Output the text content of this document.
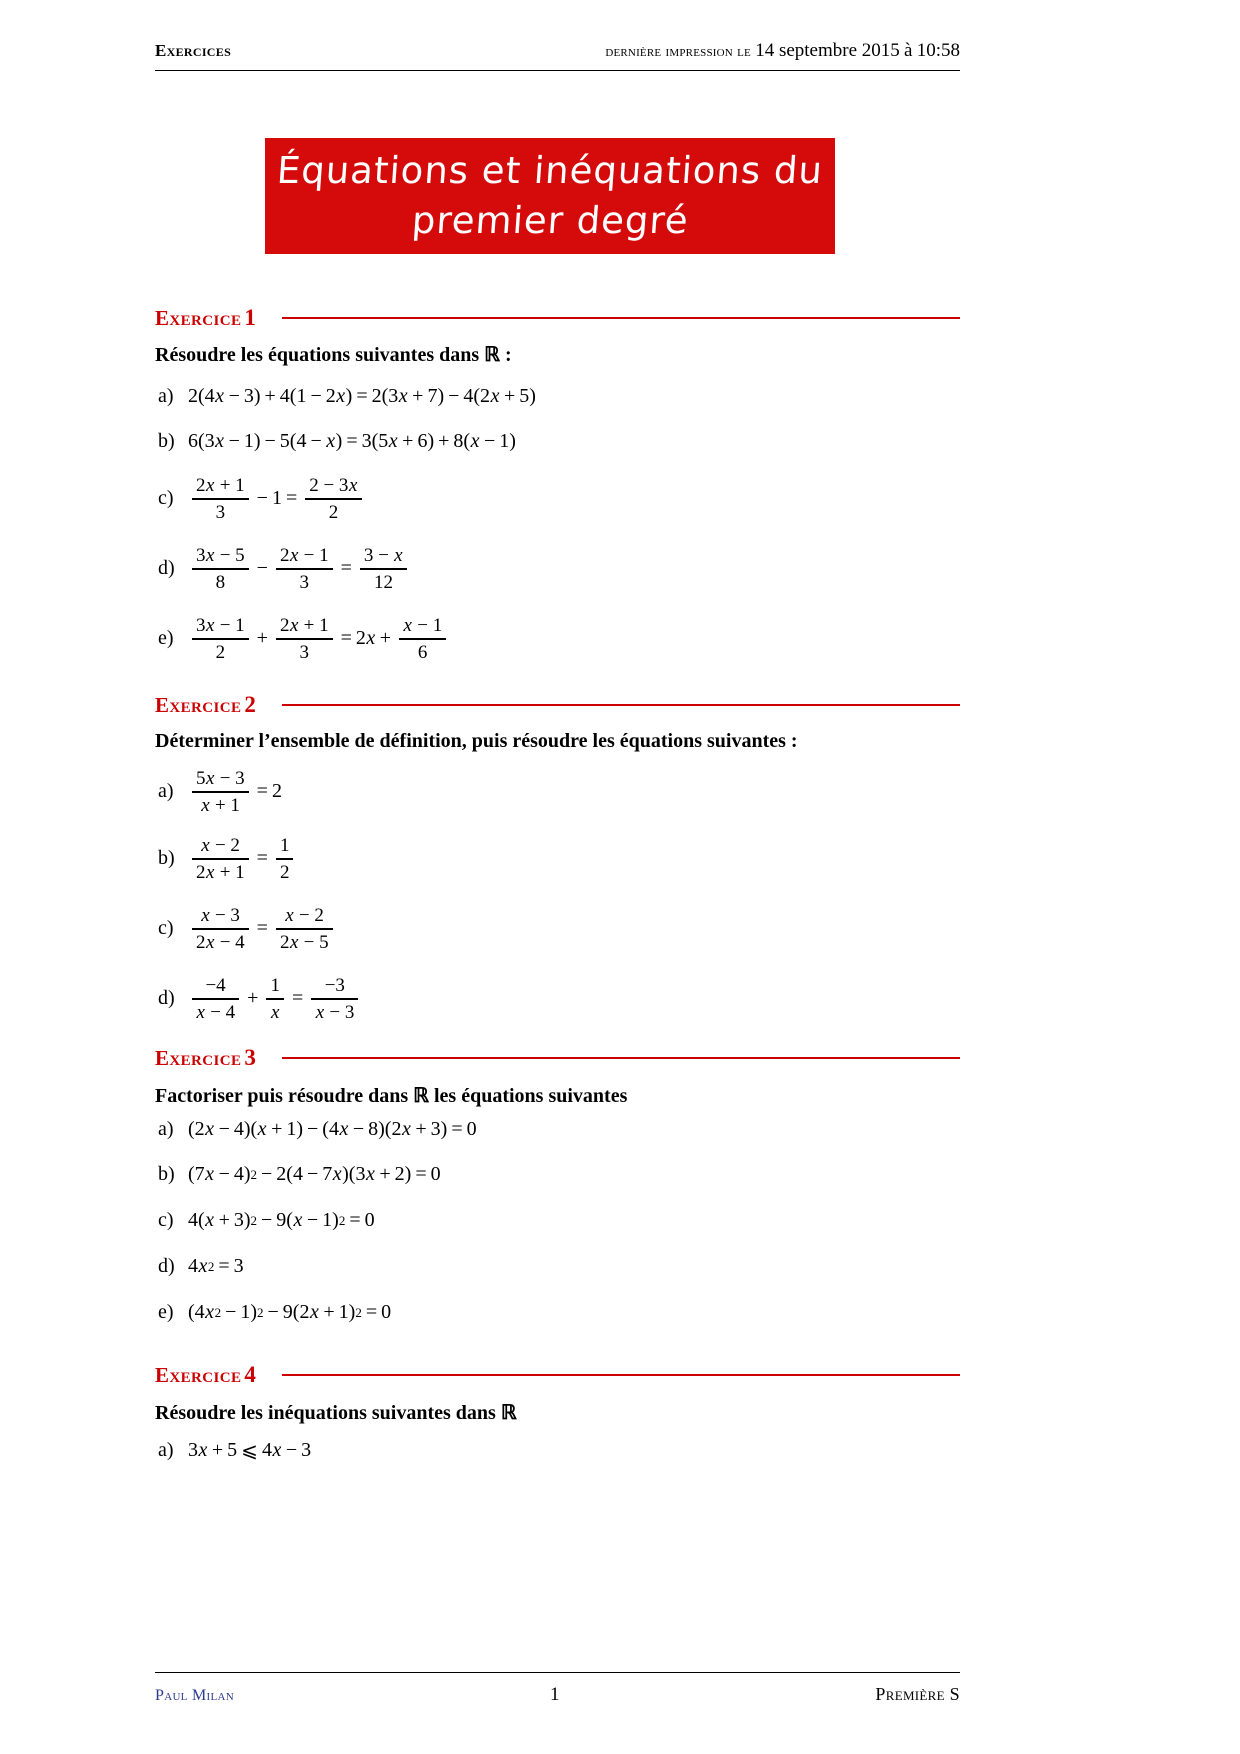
Exercices	dernière impression le 14 septembre 2015 à 10:58
Équations et inéquations du
premier degré
Exercice 1
Résoudre les équations suivantes dans ℝ :
a) 2(4 x − 3) + 4(1 − 2 x ) = 2(3 x + 7) − 4(2 x + 5)
b) 6(3 x − 1) − 5(4 − x ) = 3(5 x + 6) + 8( x − 1)
$c) \frac{2x + 1}{3} - 1 = \frac{2 - 3x}{2}$
$d) \frac{3x - 5}{8} - \frac{2x - 1}{3} = \frac{3 - x}{12}$
$e) \frac{3x - 1}{2} + \frac{2x + 1}{3} = 2$ $x + \frac{x - 1}{6}$
Exercice 2
Déterminer l’ensemble de définition, puis résoudre les équations suivantes :
$a) \frac{5x - 3}{x + 1} = 2$
$b) \frac{x - 2}{2x + 1} = \frac{1}{2}$
$c) \frac{x - 3}{2x - 4} = \frac{x - 2}{2x - 5}$
$d) \frac{-4}{x - 4} + \frac{1}{x} = \frac{-3}{x - 3}$
Exercice 3
Factoriser puis résoudre dans ℝ les équations suivantes
a) (2 x − 4)( x + 1) − (4 x − 8)(2 x + 3) = 0
b) (7 x − 4) 2 − 2(4 − 7 x )(3 x + 2) = 0
c) 4( x + 3) 2 − 9( x − 1) 2 = 0
d) 4 x 2 = 3
e) (4 x 2 − 1) 2 − 9(2 x + 1) 2 = 0
Exercice 4
Résoudre les inéquations suivantes dans ℝ
a) 3 x + 5 ⩽ 4 x − 3
Paul Milan	1	Première S
